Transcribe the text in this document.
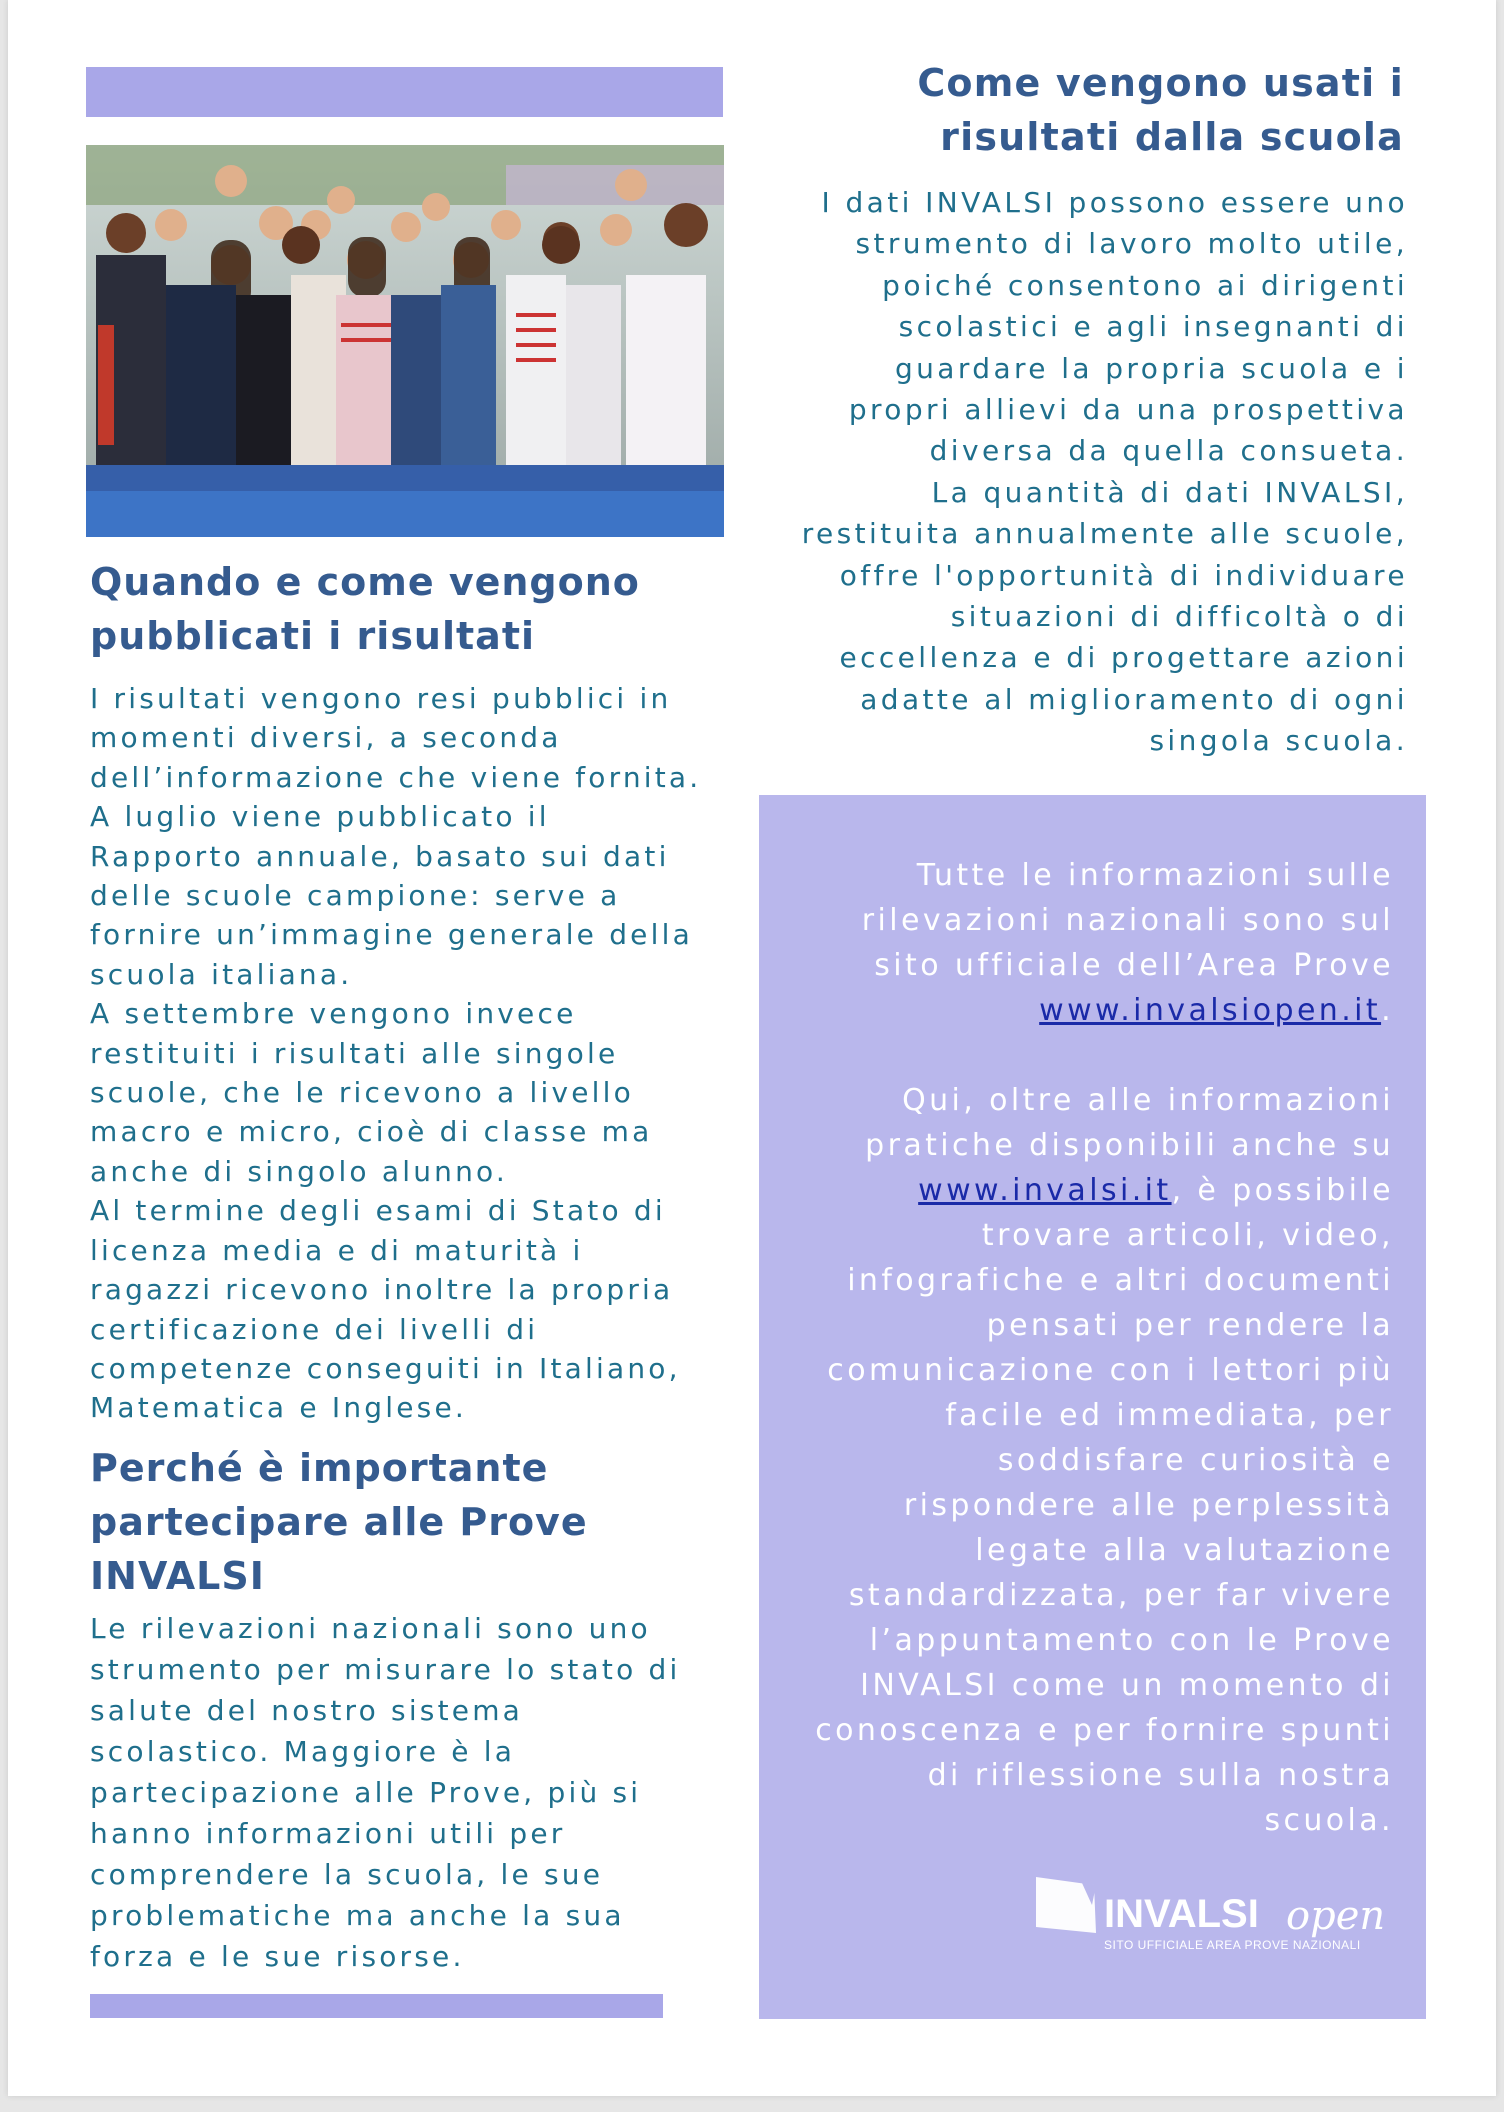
Quando e come vengono
pubblicati i risultati

I risultati vengono resi pubblici in
momenti diversi, a seconda
dell’informazione che viene fornita.
A luglio viene pubblicato il
Rapporto annuale, basato sui dati
delle scuole campione: serve a
fornire un’immagine generale della
scuola italiana.
A settembre vengono invece
restituiti i risultati alle singole
scuole, che le ricevono a livello
macro e micro, cioè di classe ma
anche di singolo alunno.
Al termine degli esami di Stato di
licenza media e di maturità i
ragazzi ricevono inoltre la propria
certificazione dei livelli di
competenze conseguiti in Italiano,
Matematica e Inglese.

Perché è importante
partecipare alle Prove
INVALSI

Le rilevazioni nazionali sono uno
strumento per misurare lo stato di
salute del nostro sistema
scolastico. Maggiore è la
partecipazione alle Prove, più si
hanno informazioni utili per
comprendere la scuola, le sue
problematiche ma anche la sua
forza e le sue risorse.

Come vengono usati i
risultati dalla scuola

I dati INVALSI possono essere uno
strumento di lavoro molto utile,
poiché consentono ai dirigenti
scolastici e agli insegnanti di
guardare la propria scuola e i
propri allievi da una prospettiva
diversa da quella consueta.
La quantità di dati INVALSI,
restituita annualmente alle scuole,
offre l'opportunità di individuare
situazioni di difficoltà o di
eccellenza e di progettare azioni
adatte al miglioramento di ogni
singola scuola.

Tutte le informazioni sulle
rilevazioni nazionali sono sul
sito ufficiale dell’Area Prove
www.invalsiopen.it.

Qui, oltre alle informazioni
pratiche disponibili anche su
www.invalsi.it, è possibile
trovare articoli, video,
infografiche e altri documenti
pensati per rendere la
comunicazione con i lettori più
facile ed immediata, per
soddisfare curiosità e
rispondere alle perplessità
legate alla valutazione
standardizzata, per far vivere
l’appuntamento con le Prove
INVALSI come un momento di
conoscenza e per fornire spunti
di riflessione sulla nostra
scuola.

INVALSI open
SITO UFFICIALE AREA PROVE NAZIONALI
